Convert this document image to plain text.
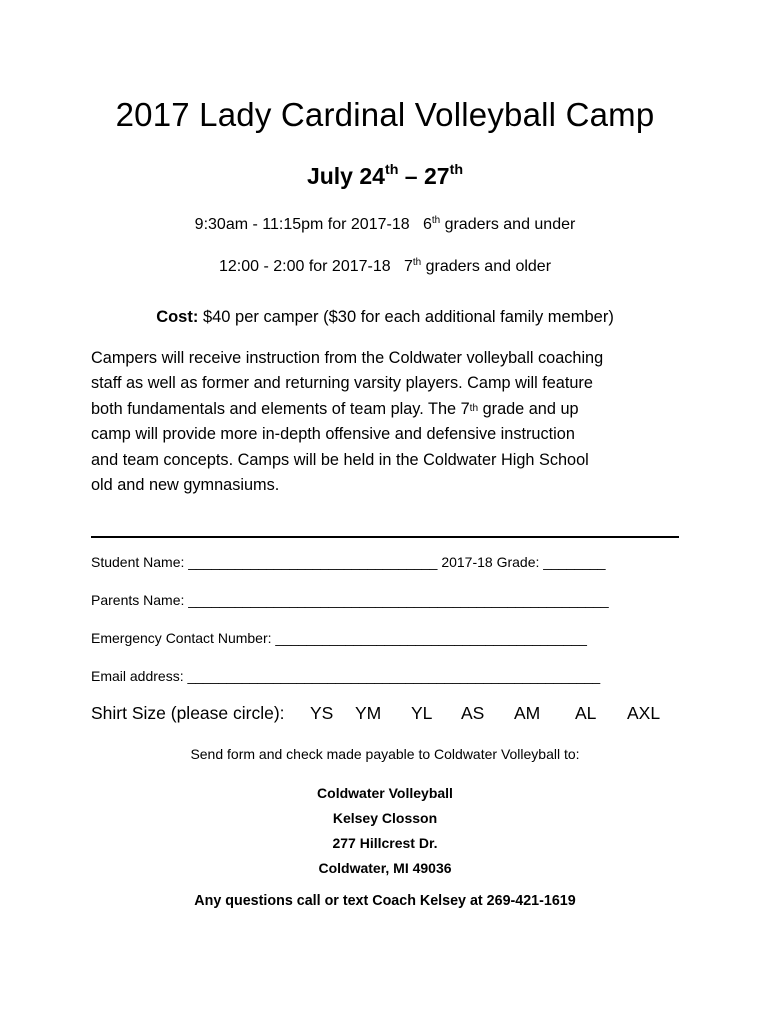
2017 Lady Cardinal Volleyball Camp
July 24th – 27th
9:30am - 11:15pm for 2017-18   6th graders and under
12:00 - 2:00 for 2017-18   7th graders and older
Cost: $40 per camper ($30 for each additional family member)
Campers will receive instruction from the Coldwater volleyball coaching
staff as well as former and returning varsity players. Camp will feature
both fundamentals and elements of team play. The 7th grade and up
camp will provide more in-depth offensive and defensive instruction
and team concepts. Camps will be held in the Coldwater High School
old and new gymnasiums.
Student Name: ________________________________ 2017-18 Grade: ________
Parents Name: ______________________________________________________
Emergency Contact Number: ________________________________________
Email address: _____________________________________________________
Shirt Size (please circle): YS YM YL AS AM AL AXL
Send form and check made payable to Coldwater Volleyball to:
Coldwater Volleyball
Kelsey Closson
277 Hillcrest Dr.
Coldwater, MI 49036
Any questions call or text Coach Kelsey at 269-421-1619
